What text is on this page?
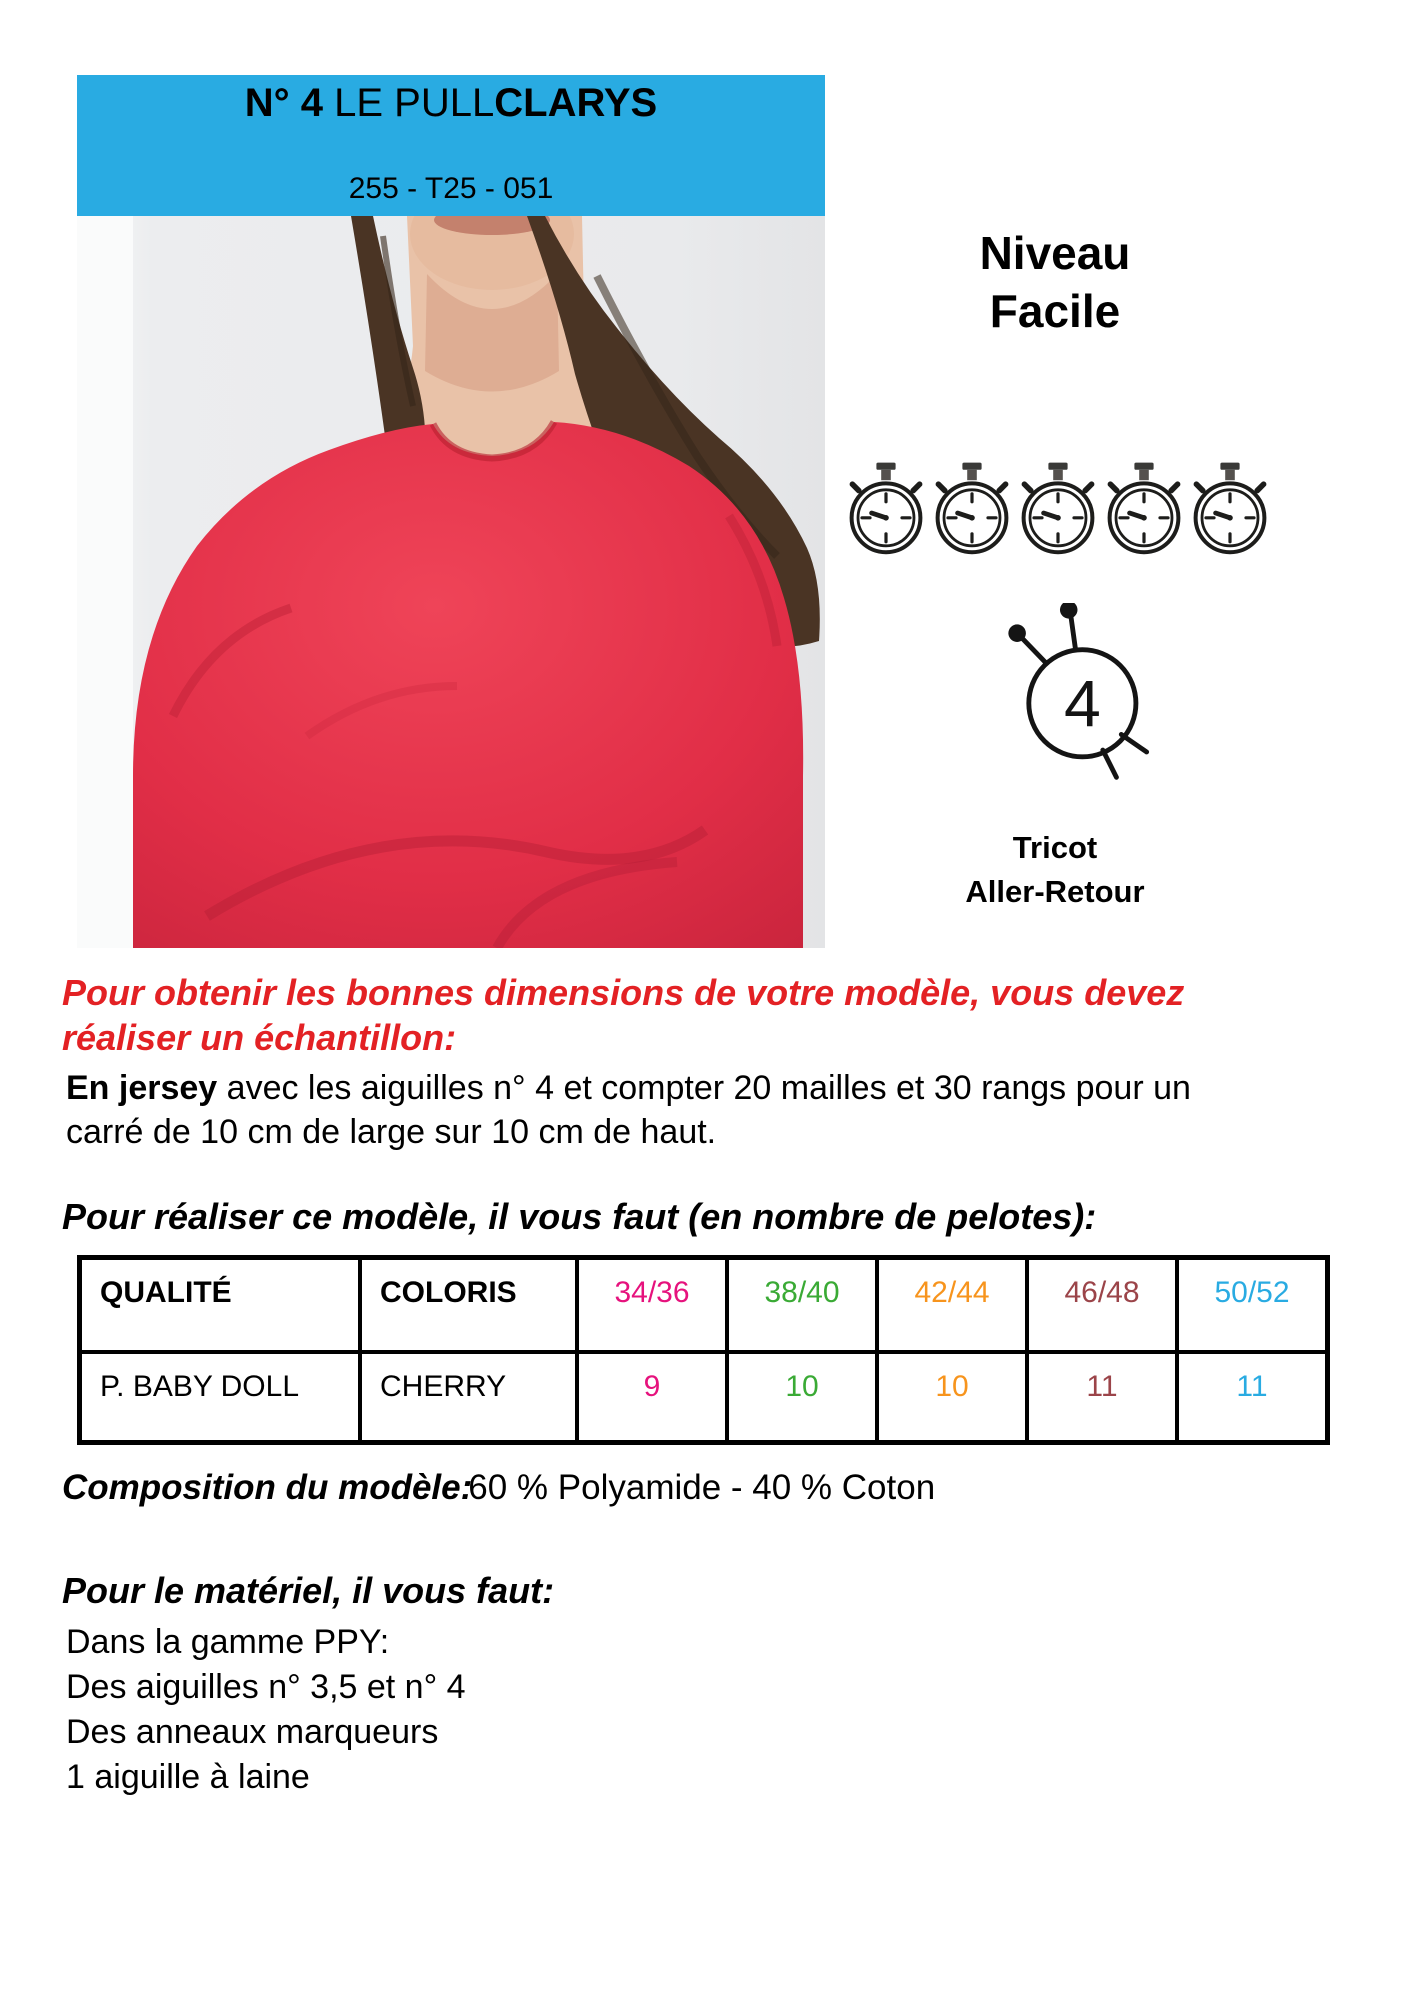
N° 4 LE PULLCLARYS
255 - T25 - 051
Niveau
Facile
4
Tricot
Aller-Retour
Pour obtenir les bonnes dimensions de votre modèle, vous devez
réaliser un échantillon:
En jersey avec les aiguilles n° 4 et compter 20 mailles et 30 rangs pour un
carré de 10 cm de large sur 10 cm de haut.
Pour réaliser ce modèle, il vous faut (en nombre de pelotes):
QUALITÉ	COLORIS	34/36	38/40	42/44	46/48	50/52
P. BABY DOLL	CHERRY	9	10	10	11	11
Composition du modèle:60 % Polyamide - 40 % Coton
Pour le matériel, il vous faut:
Dans la gamme PPY:
Des aiguilles n° 3,5 et n° 4
Des anneaux marqueurs
1 aiguille à laine
